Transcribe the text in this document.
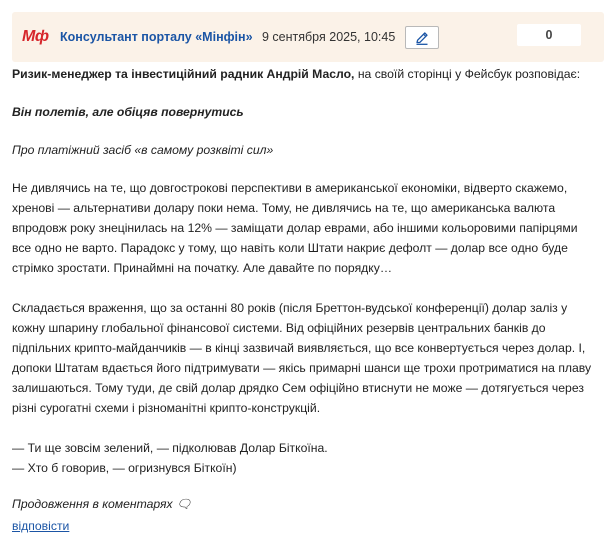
Мф Консультант порталу «Мінфін» 9 сентября 2025, 10:45	0

Ризик-менеджер та інвестиційний радник Андрій Масло, на своїй сторінці у Фейсбук розповідає:

Він полетів, але обіцяв повернутись

Про платіжний засіб «в самому розквіті сил»

Не дивлячись на те, що довгострокові перспективи в американської економіки, відверто скажемо, хренові — альтернативи долару поки нема. Тому, не дивлячись на те, що американська валюта впродовж року знецінилась на 12% — заміщати долар еврами, або іншими кольоровими папірцями все одно не варто. Парадокс у тому, що навіть коли Штати накриє дефолт — долар все одно буде стрімко зростати. Принаймні на початку. Але давайте по порядку…

Складається враження, що за останні 80 років (після Бреттон-вудської конференції) долар заліз у кожну шпарину глобальної фінансової системи. Від офіційних резервів центральних банків до підпільних крипто-майданчиків — в кінці зазвичай виявляється, що все конвертується через долар. І, допоки Штатам вдається його підтримувати — якісь примарні шанси ще трохи протриматися на плаву залишаються. Тому туди, де свій долар дрядко Сем офіційно втиснути не може — дотягується через різні сурогатні схеми і різноманітні крипто-конструкцій.

— Ти ще зовсім зелений, — підколював Долар Біткоїна.

— Хто б говорив, — огризнувся Біткоїн)

Продовження в коментарях 🗨

відповісти
